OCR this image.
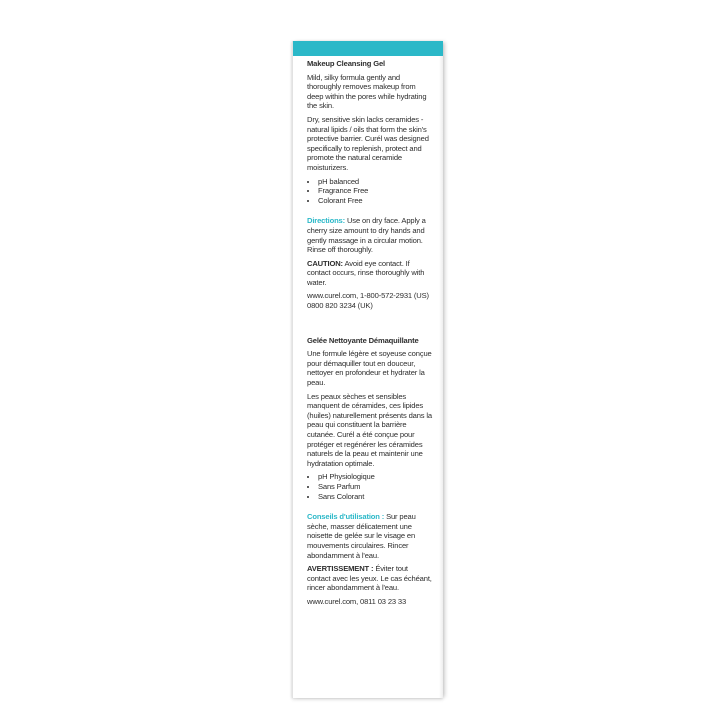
Makeup Cleansing Gel

Mild, silky formula gently and thoroughly removes makeup from deep within the pores while hydrating the skin.

Dry, sensitive skin lacks ceramides - natural lipids / oils that form the skin's protective barrier. Curél was designed specifically to replenish, protect and promote the natural ceramide moisturizers.

• pH balanced
• Fragrance Free
• Colorant Free

Directions: Use on dry face. Apply a cherry size amount to dry hands and gently massage in a circular motion. Rinse off thoroughly.

CAUTION: Avoid eye contact. If contact occurs, rinse thoroughly with water.

www.curel.com, 1-800-572-2931 (US) 0800 820 3234 (UK)

Gelée Nettoyante Démaquillante

Une formule légère et soyeuse conçue pour démaquiller tout en douceur, nettoyer en profondeur et hydrater la peau.

Les peaux sèches et sensibles manquent de céramides, ces lipides (huiles) naturellement présents dans la peau qui constituent la barrière cutanée. Curél a été conçue pour protéger et regénérer les céramides naturels de la peau et maintenir une hydratation optimale.

• pH Physiologique
• Sans Parfum
• Sans Colorant

Conseils d'utilisation : Sur peau sèche, masser délicatement une noisette de gelée sur le visage en mouvements circulaires. Rincer abondamment à l'eau.

AVERTISSEMENT : Éviter tout contact avec les yeux. Le cas échéant, rincer abondamment à l'eau.

www.curel.com, 0811 03 23 33
